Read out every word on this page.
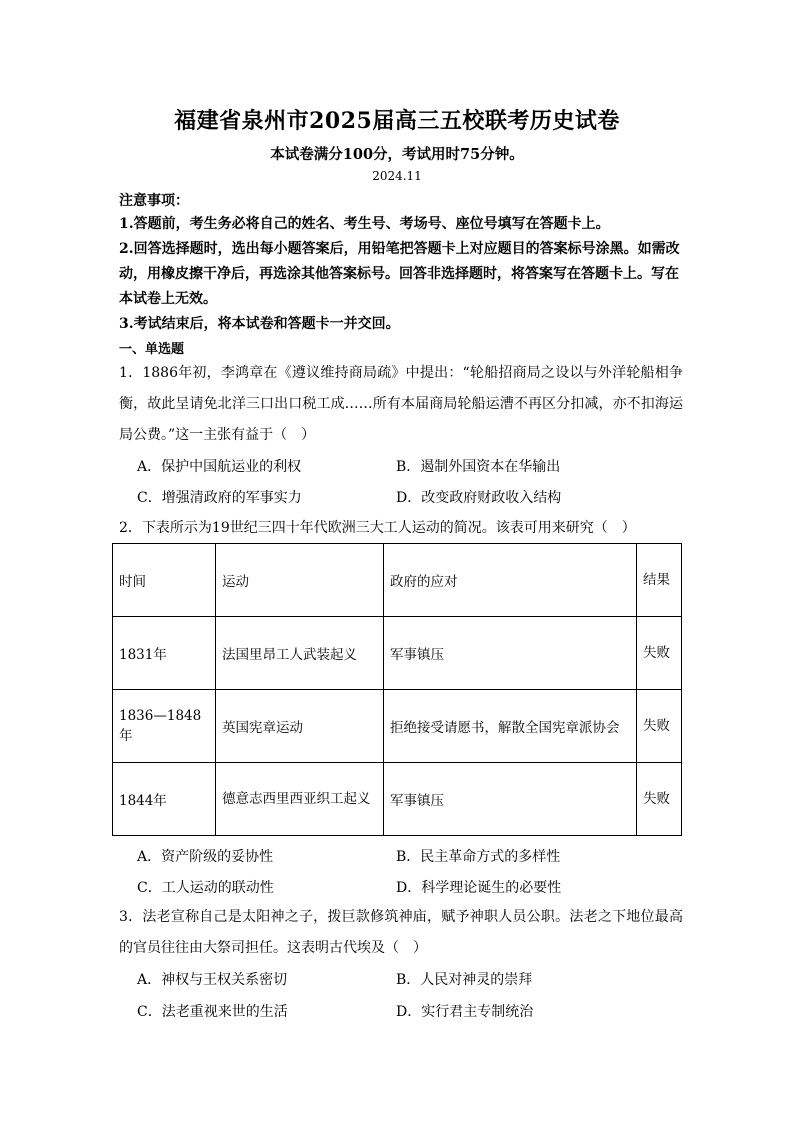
福建省泉州市2025届高三五校联考历史试卷
本试卷满分100分，考试用时75分钟。
2024.11
注意事项：
1.答题前，考生务必将自己的姓名、考生号、考场号、座位号填写在答题卡上。
2.回答选择题时，选出每小题答案后，用铅笔把答题卡上对应题目的答案标号涂黑。如需改动，用橡皮擦干净后，再选涂其他答案标号。回答非选择题时，将答案写在答题卡上。写在本试卷上无效。
3.考试结束后，将本试卷和答题卡一并交回。
一、单选题
1．1886年初，李鸿章在《遵议维持商局疏》中提出：“轮船招商局之设以与外洋轮船相争衡，故此呈请免北洋三口出口税工成……所有本届商局轮船运漕不再区分扣减，亦不扣海运局公费。”这一主张有益于（　）
A．保护中国航运业的利权	B．遏制外国资本在华输出
C．增强清政府的军事实力	D．改变政府财政收入结构
2．下表所示为19世纪三四十年代欧洲三大工人运动的简况。该表可用来研究（　）
时间	运动	政府的应对	结果
1831年	法国里昂工人武装起义	军事镇压	失败
1836—1848年	英国宪章运动	拒绝接受请愿书，解散全国宪章派协会	失败
1844年	德意志西里西亚织工起义	军事镇压	失败
A．资产阶级的妥协性	B．民主革命方式的多样性
C．工人运动的联动性	D．科学理论诞生的必要性
3．法老宣称自己是太阳神之子，拨巨款修筑神庙，赋予神职人员公职。法老之下地位最高的官员往往由大祭司担任。这表明古代埃及（　）
A．神权与王权关系密切	B．人民对神灵的崇拜
C．法老重视来世的生活	D．实行君主专制统治
